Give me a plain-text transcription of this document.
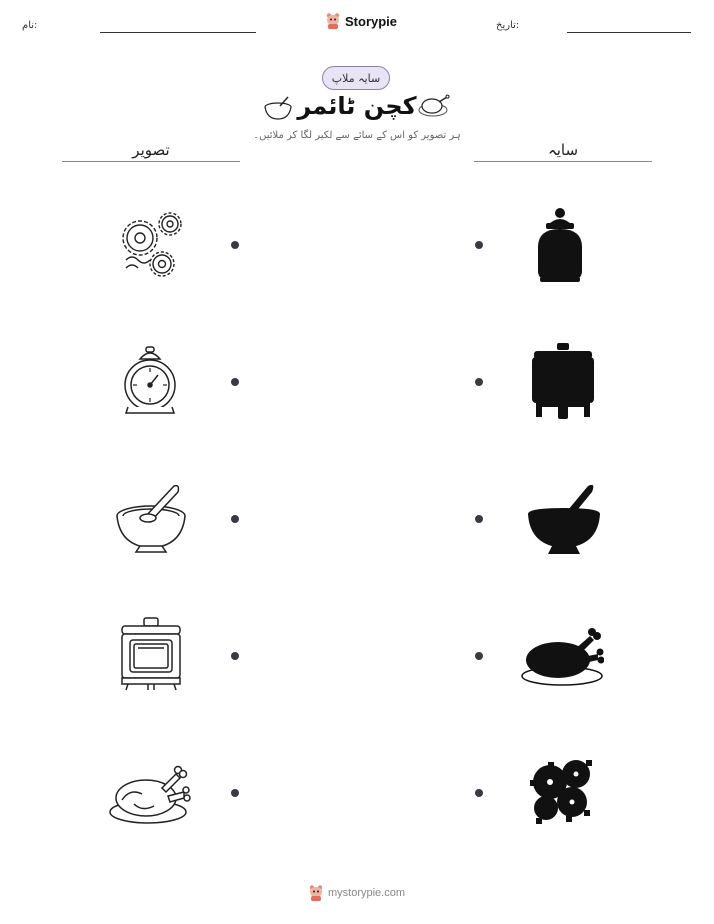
نام:	Storypie	تاریخ:
سایہ ملاپ
کچن ٹائمر
ہر تصویر کو اس کے سائے سے لکیر لگا کر ملائیں۔
تصویر	سایہ
mystorypie.com
